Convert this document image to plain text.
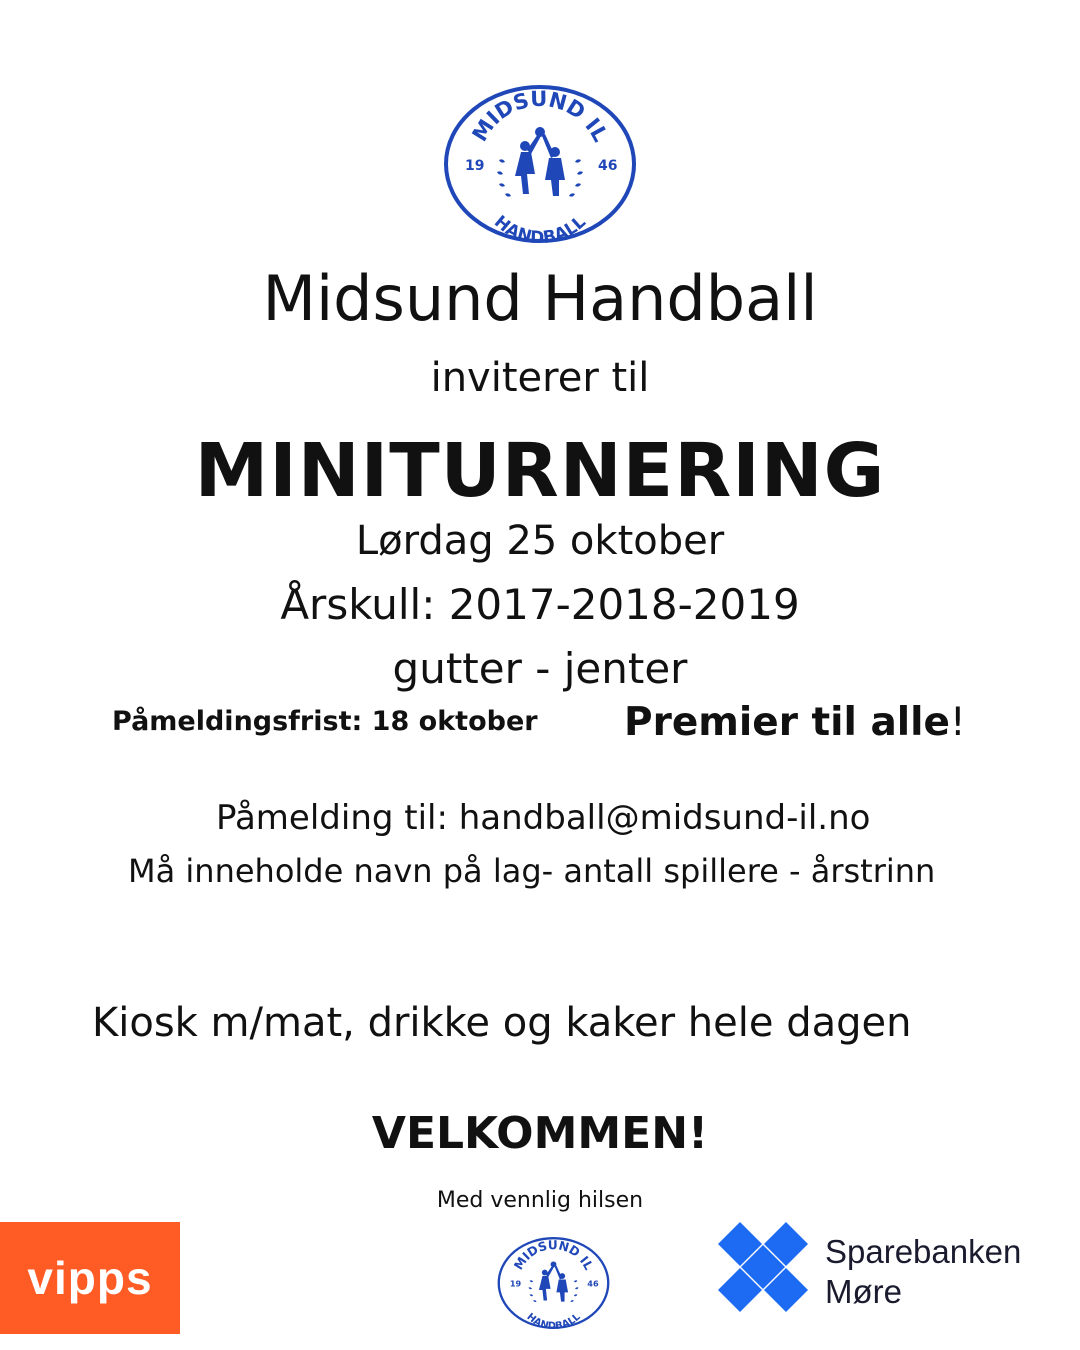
MIDSUND IL
HANDBALL
19	46
Midsund Handball
inviterer til
MINITURNERING
Lørdag 25 oktober
Årskull: 2017-2018-2019
gutter - jenter
Påmeldingsfrist: 18 oktober Premier til alle!
Påmelding til: handball@midsund-il.no
Må inneholde navn på lag- antall spillere - årstrinn
Kiosk m/mat, drikke og kaker hele dagen
VELKOMMEN!
Med vennlig hilsen
vipps	MIDSUND IL
HANDBALL
19	46
Sparebanken
Møre
